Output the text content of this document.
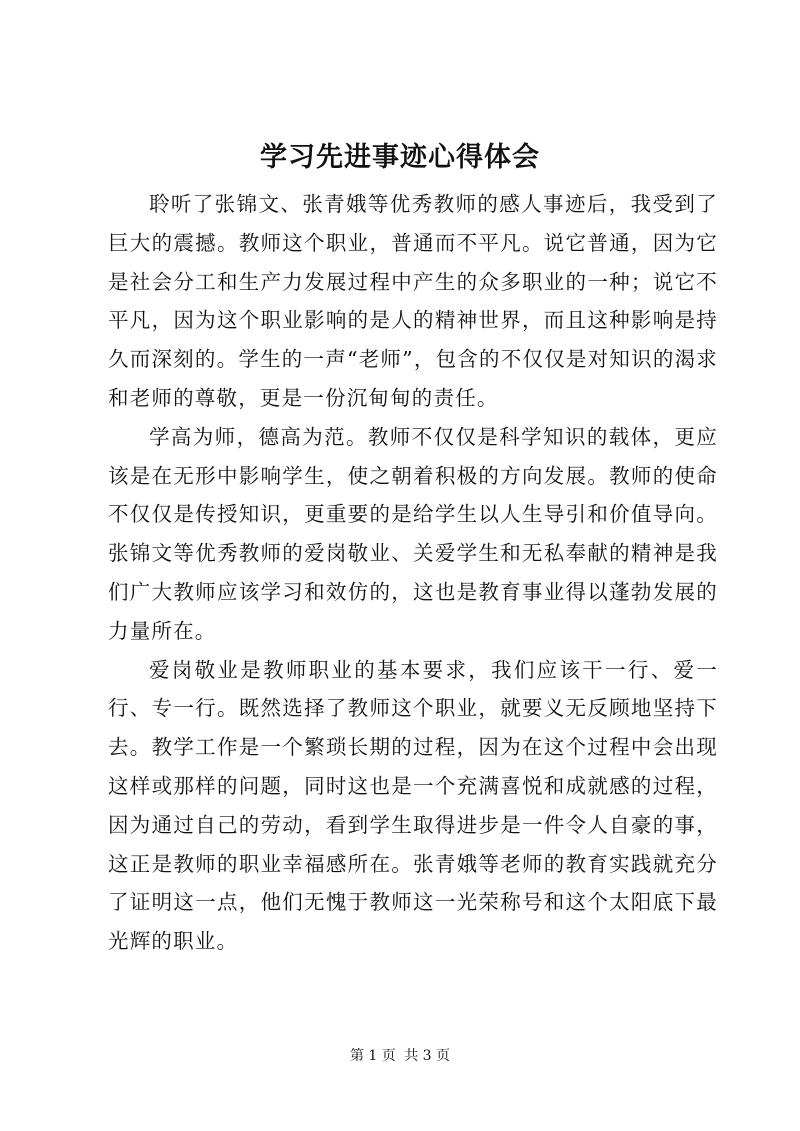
学习先进事迹心得体会

聆听了张锦文、张青娥等优秀教师的感人事迹后，我受到了巨大的震撼。教师这个职业，普通而不平凡。说它普通，因为它是社会分工和生产力发展过程中产生的众多职业的一种；说它不平凡，因为这个职业影响的是人的精神世界，而且这种影响是持久而深刻的。学生的一声“老师”，包含的不仅仅是对知识的渴求和老师的尊敬，更是一份沉甸甸的责任。

学高为师，德高为范。教师不仅仅是科学知识的载体，更应该是在无形中影响学生，使之朝着积极的方向发展。教师的使命不仅仅是传授知识，更重要的是给学生以人生导引和价值导向。张锦文等优秀教师的爱岗敬业、关爱学生和无私奉献的精神是我们广大教师应该学习和效仿的，这也是教育事业得以蓬勃发展的力量所在。

爱岗敬业是教师职业的基本要求，我们应该干一行、爱一行、专一行。既然选择了教师这个职业，就要义无反顾地坚持下去。教学工作是一个繁琐长期的过程，因为在这个过程中会出现这样或那样的问题，同时这也是一个充满喜悦和成就感的过程，因为通过自己的劳动，看到学生取得进步是一件令人自豪的事，这正是教师的职业幸福感所在。张青娥等老师的教育实践就充分了证明这一点，他们无愧于教师这一光荣称号和这个太阳底下最光辉的职业。

第 1 页 共 3 页
